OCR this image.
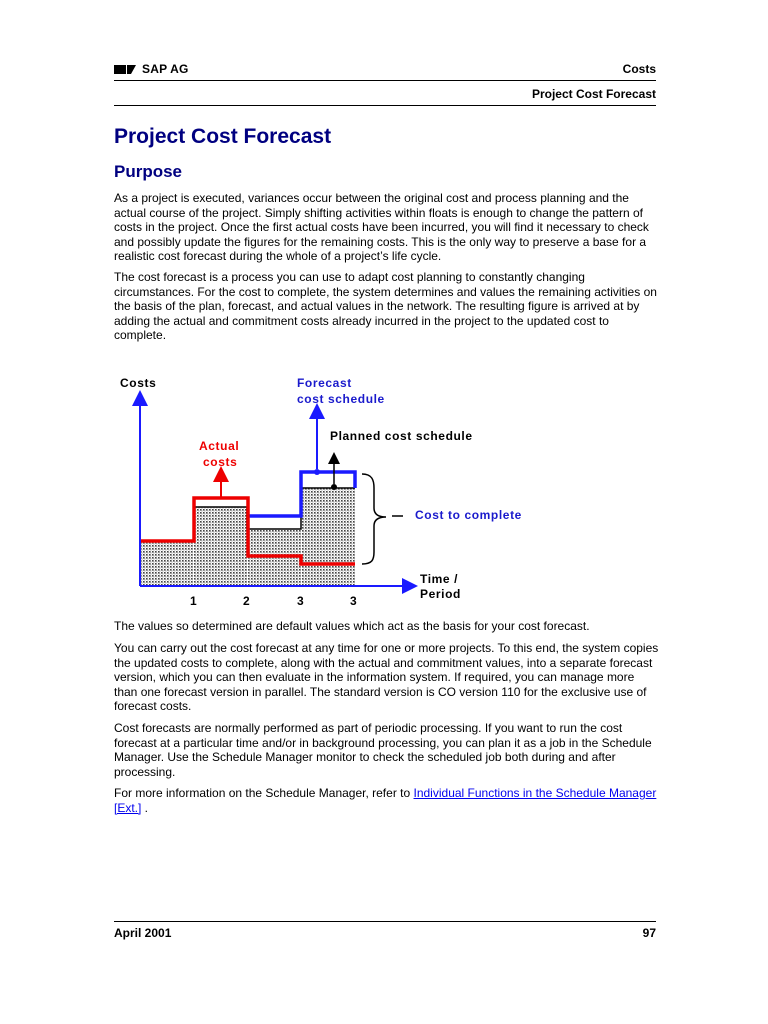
SAP AG	Costs
Project Cost Forecast
Project Cost Forecast
Purpose

As a project is executed, variances occur between the original cost and process planning and the actual course of the project. Simply shifting activities within floats is enough to change the pattern of costs in the project. Once the first actual costs have been incurred, you will find it necessary to check and possibly update the figures for the remaining costs. This is the only way to preserve a base for a realistic cost forecast during the whole of a project’s life cycle.

The cost forecast is a process you can use to adapt cost planning to constantly changing circumstances. For the cost to complete, the system determines and values the remaining activities on the basis of the plan, forecast, and actual values in the network. The resulting figure is arrived at by adding the actual and commitment costs already incurred in the project to the updated cost to complete.

Costs	Forecast
cost schedule
Planned cost schedule
Actual
costs
Cost to complete
Time /
Period
1	2	3	3

The values so determined are default values which act as the basis for your cost forecast.

You can carry out the cost forecast at any time for one or more projects. To this end, the system copies the updated costs to complete, along with the actual and commitment values, into a separate forecast version, which you can then evaluate in the information system. If required, you can manage more than one forecast version in parallel. The standard version is CO version 110 for the exclusive use of forecast costs.

Cost forecasts are normally performed as part of periodic processing. If you want to run the cost forecast at a particular time and/or in background processing, you can plan it as a job in the Schedule Manager. Use the Schedule Manager monitor to check the scheduled job both during and after processing.

For more information on the Schedule Manager, refer to Individual Functions in the Schedule Manager [Ext.] .

April 2001	97
